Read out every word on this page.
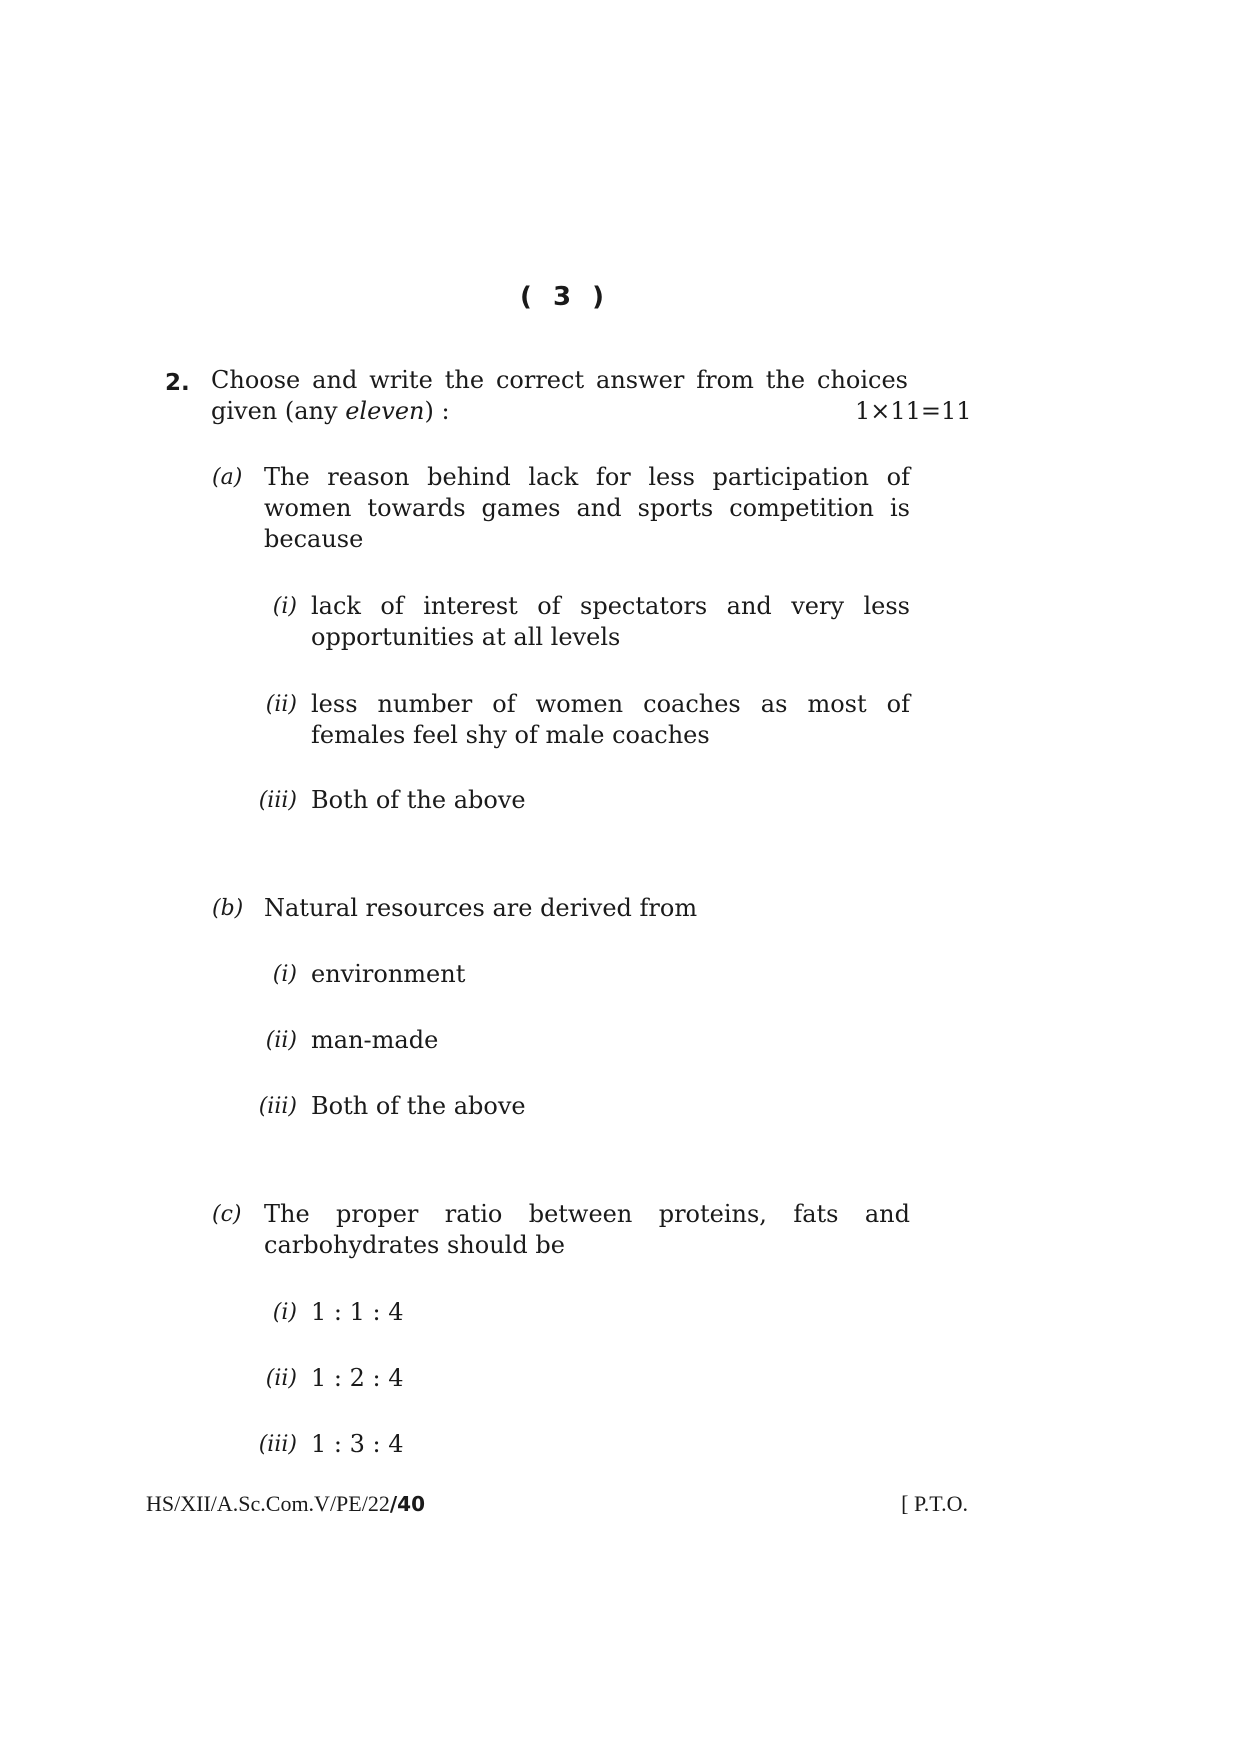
( 3 )
2. Choose and write the correct answer from the choices
given (any eleven) :	1×11=11
(a) The reason behind lack for less participation of
women towards games and sports competition is
because
(i) lack of interest of spectators and very less
opportunities at all levels
(ii) less number of women coaches as most of
females feel shy of male coaches
(iii) Both of the above
(b) Natural resources are derived from
(i) environment
(ii) man-made
(iii) Both of the above
(c) The proper ratio between proteins, fats and
carbohydrates should be
(i) 1 : 1 : 4
(ii) 1 : 2 : 4
(iii) 1 : 3 : 4
HS/XII/A.Sc.Com.V/PE/22/40	[ P.T.O.
